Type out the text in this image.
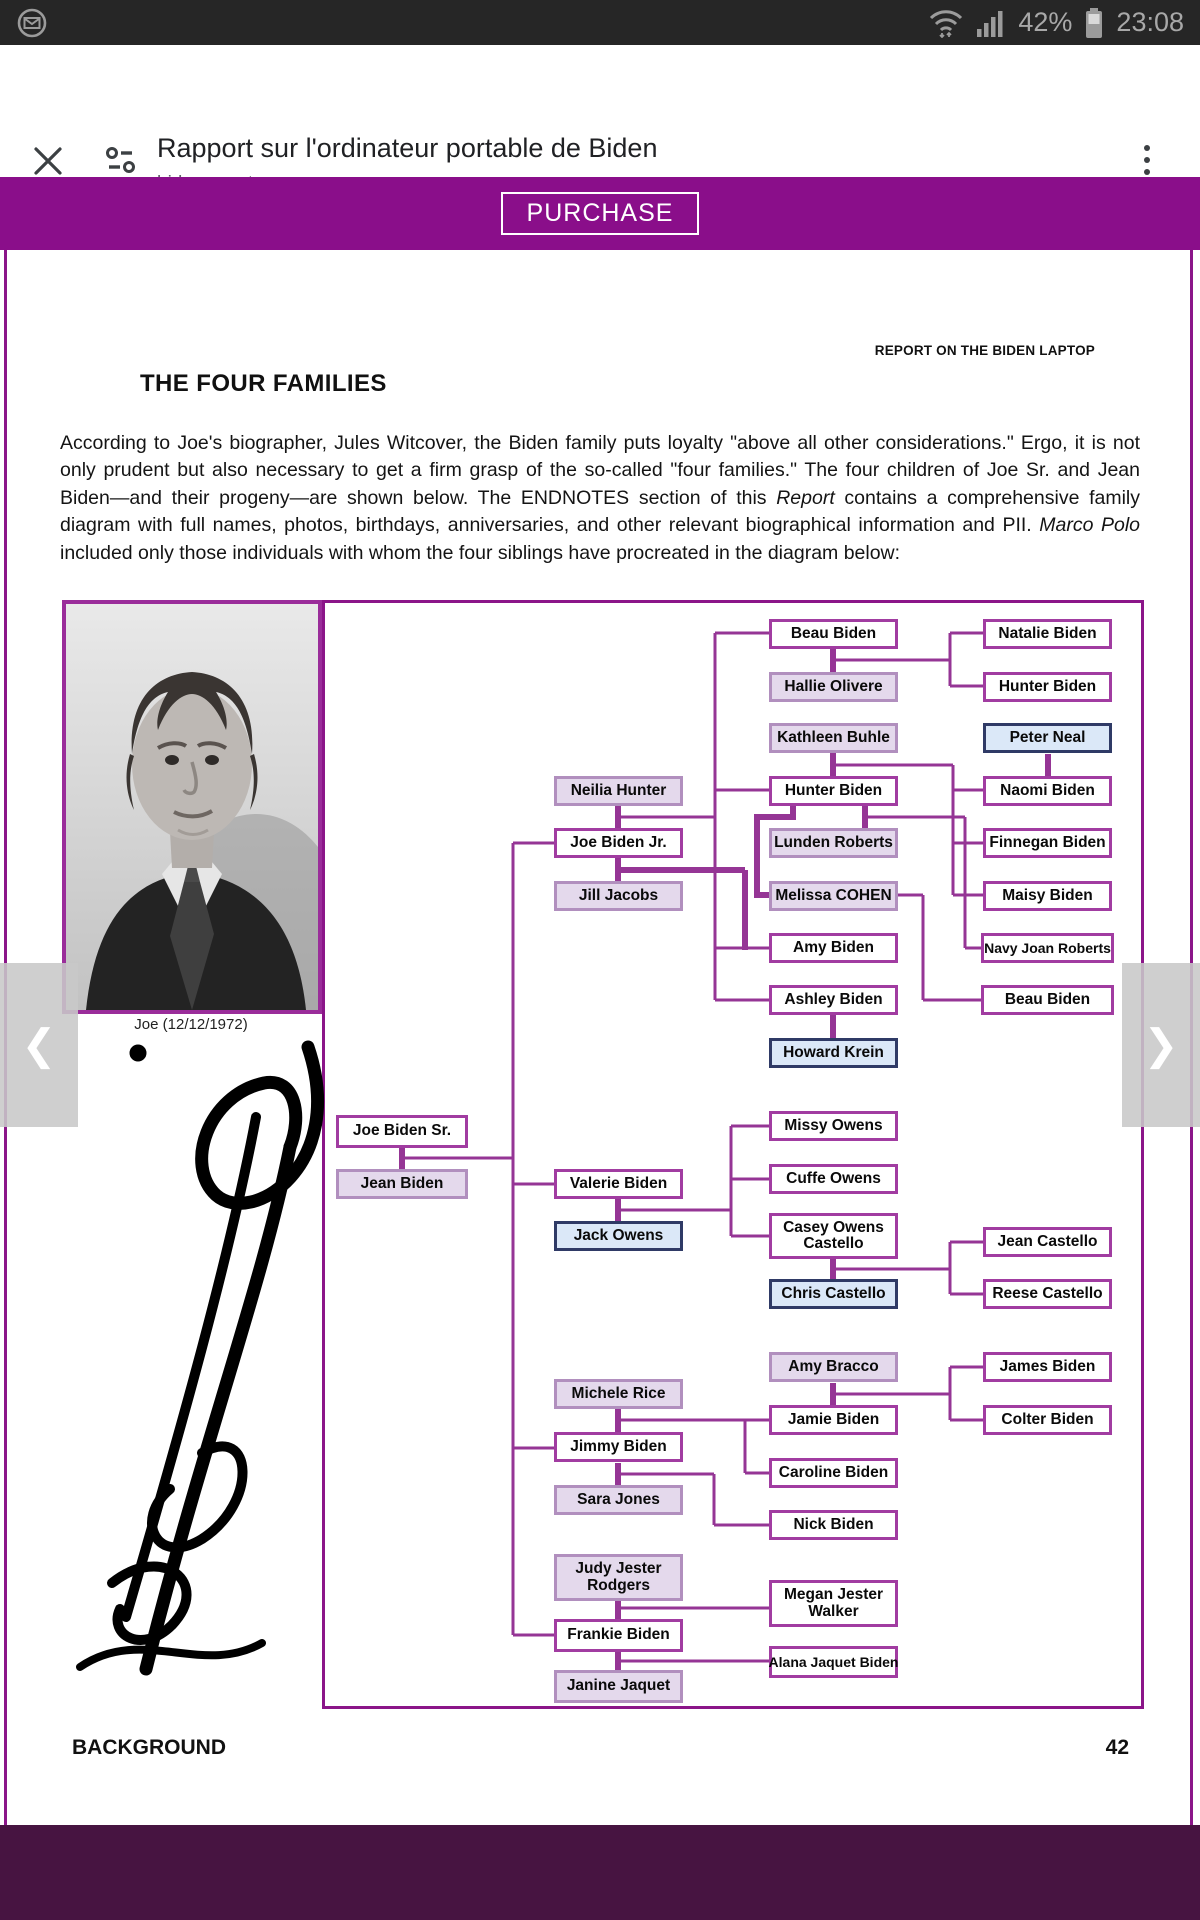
42% 23:08
Rapport sur l'ordinateur portable de Biden
PURCHASE
REPORT ON THE BIDEN LAPTOP
THE FOUR FAMILIES
According to Joe's biographer, Jules Witcover, the Biden family puts loyalty "above all other considerations." Ergo, it is not only prudent but also necessary to get a firm grasp of the so-called "four families." The four children of Joe Sr. and Jean Biden—and their progeny—are shown below. The ENDNOTES section of this Report contains a comprehensive family diagram with full names, photos, birthdays, anniversaries, and other relevant biographical information and PII. Marco Polo included only those individuals with whom the four siblings have procreated in the diagram below:
Joe (12/12/1972)
Beau Biden	Natalie Biden
Hallie Olivere	Hunter Biden
Kathleen Buhle	Peter Neal
Neilia Hunter	Hunter Biden	Naomi Biden
Joe Biden Jr.	Lunden Roberts	Finnegan Biden
Jill Jacobs	Melissa COHEN	Maisy Biden
Amy Biden	Navy Joan Roberts
Ashley Biden	Beau Biden
Howard Krein
Joe Biden Sr.
Jean Biden	Valerie Biden
Jack Owens
Missy Owens
Cuffe Owens
Casey Owens Castello
Chris Castello
Jean Castello
Reese Castello
Amy Bracco	James Biden
Michele Rice
Jamie Biden	Colter Biden
Jimmy Biden
Caroline Biden
Sara Jones
Nick Biden
Judy Jester Rodgers
Megan Jester Walker
Frankie Biden
Alana Jaquet Biden
Janine Jaquet
BACKGROUND	42
❮	❯
